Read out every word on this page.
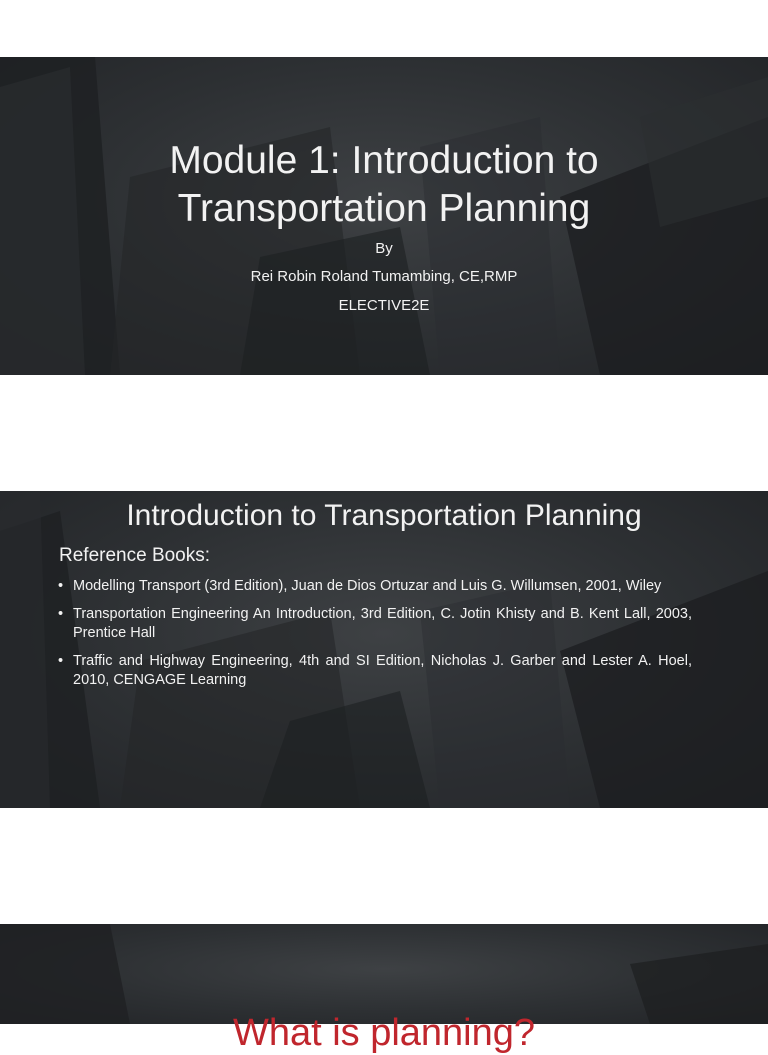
Module 1: Introduction to
Transportation Planning
By
Rei Robin Roland Tumambing, CE,RMP
ELECTIVE2E
Introduction to Transportation Planning
Reference Books:
• Modelling Transport (3rd Edition), Juan de Dios Ortuzar and Luis G. Willumsen, 2001, Wiley
• Transportation Engineering An Introduction, 3rd Edition, C. Jotin Khisty and B. Kent Lall, 2003, Prentice Hall
• Traffic and Highway Engineering, 4th and SI Edition, Nicholas J. Garber and Lester A. Hoel, 2010, CENGAGE Learning
What is planning?
